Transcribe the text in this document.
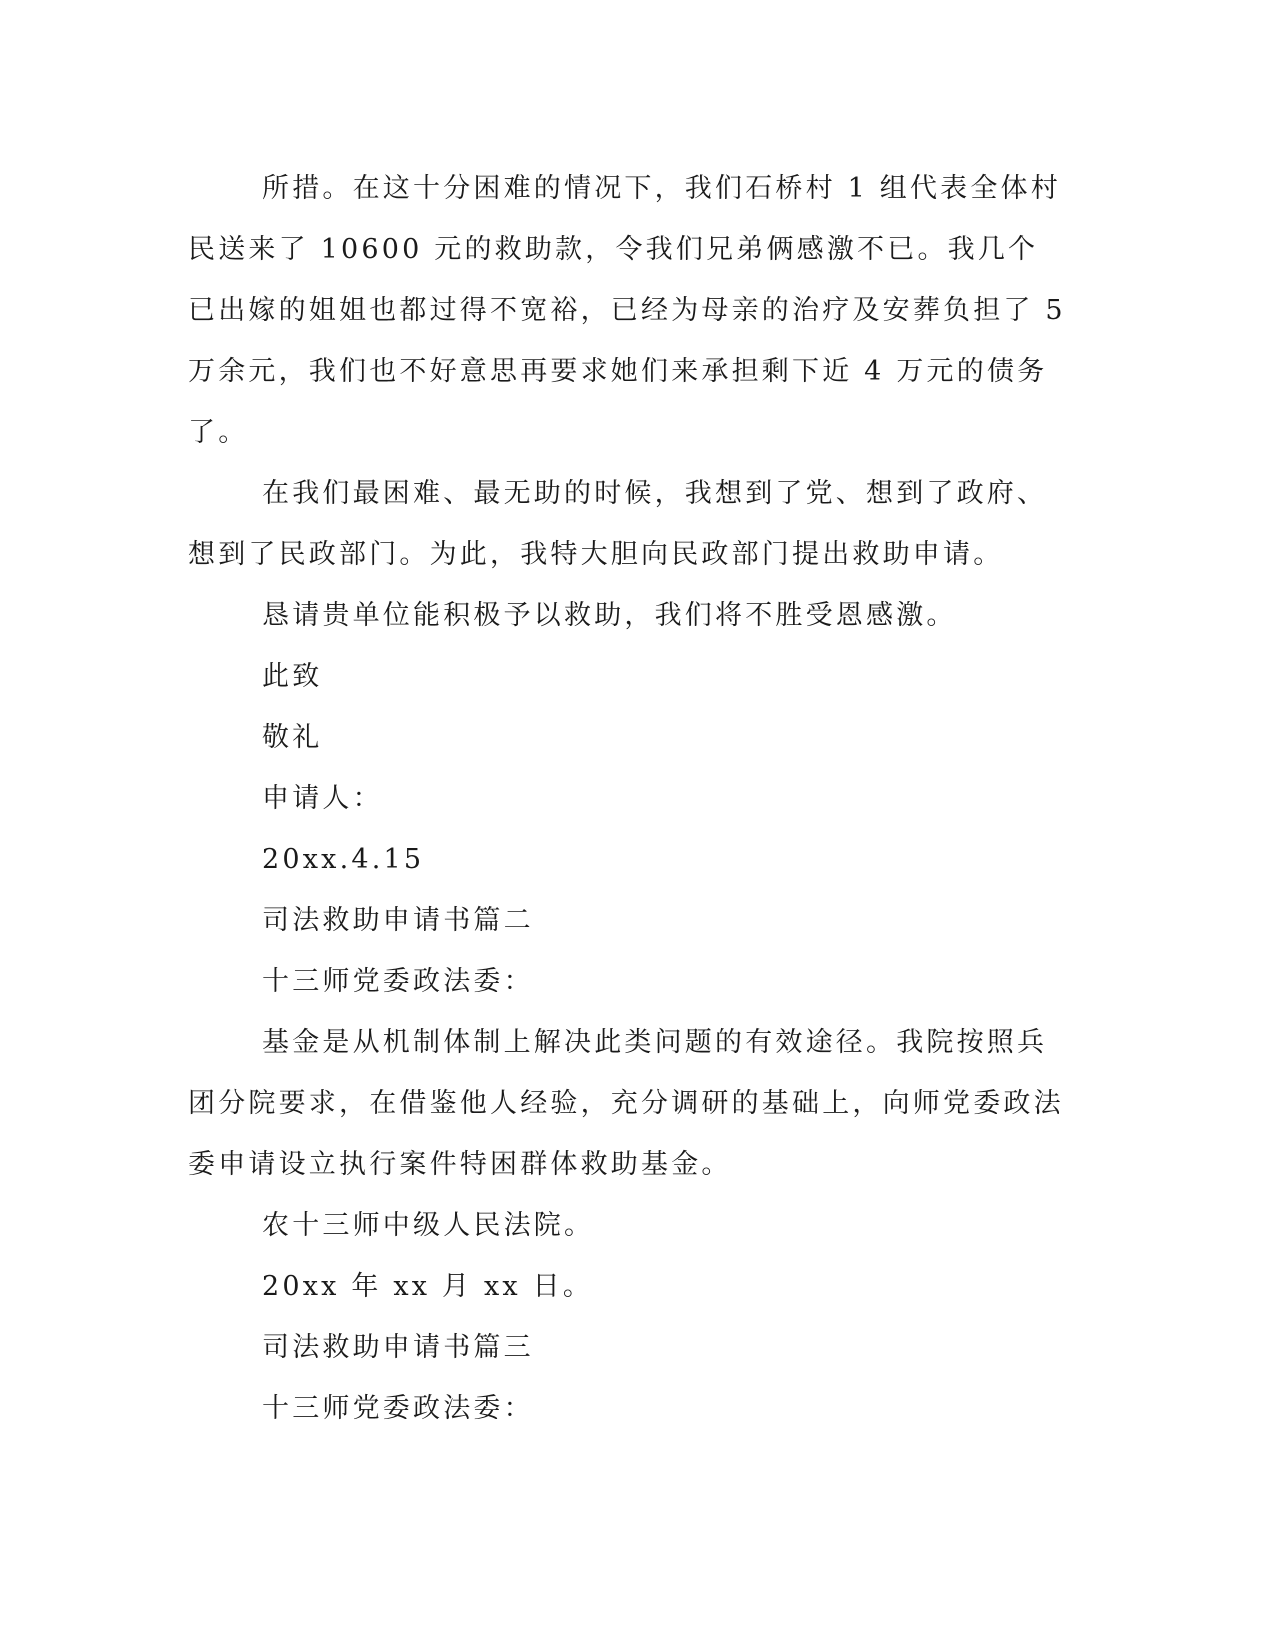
所措。在这十分困难的情况下，我们石桥村 1 组代表全体村民送来了 10600 元的救助款，令我们兄弟俩感激不已。我几个已出嫁的姐姐也都过得不宽裕，已经为母亲的治疗及安葬负担了 5 万余元，我们也不好意思再要求她们来承担剩下近 4 万元的债务了。

在我们最困难、最无助的时候，我想到了党、想到了政府、想到了民政部门。为此，我特大胆向民政部门提出救助申请。

恳请贵单位能积极予以救助，我们将不胜受恩感激。

此致

敬礼

申请人：

20xx.4.15

司法救助申请书篇二

十三师党委政法委：

基金是从机制体制上解决此类问题的有效途径。我院按照兵团分院要求，在借鉴他人经验，充分调研的基础上，向师党委政法委申请设立执行案件特困群体救助基金。

农十三师中级人民法院。

20xx 年 xx 月 xx 日。

司法救助申请书篇三

十三师党委政法委：
